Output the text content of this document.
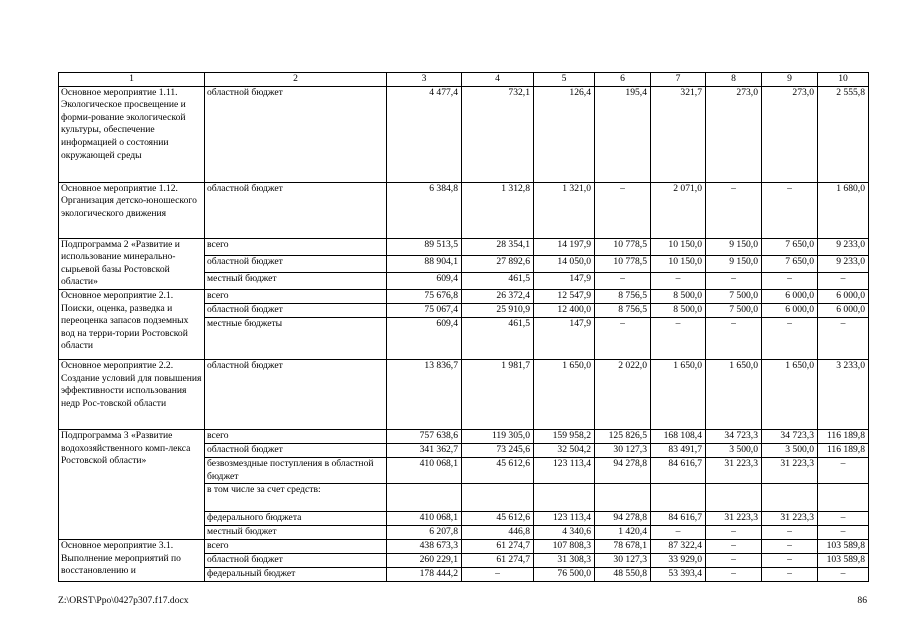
1	2	3	4	5	6	7	8	9	10
Основное мероприятие 1.11. Экологическое просвещение и форми-рование экологической культуры, обеспечение информацией о состоянии окружающей среды	областной бюджет	4 477,4	732,1	126,4	195,4	321,7	273,0	273,0	2 555,8
Основное мероприятие 1.12. Организация детско-юношеского экологического движения	областной бюджет	6 384,8	1 312,8	1 321,0	–	2 071,0	–	–	1 680,0
Подпрограмма 2 «Развитие и использование минерально-сырьевой базы Ростовской области»	всего	89 513,5	28 354,1	14 197,9	10 778,5	10 150,0	9 150,0	7 650,0	9 233,0
	областной бюджет	88 904,1	27 892,6	14 050,0	10 778,5	10 150,0	9 150,0	7 650,0	9 233,0
	местный бюджет	609,4	461,5	147,9	–	–	–	–	–
Основное мероприятие 2.1. Поиски, оценка, разведка и переоценка запасов подземных вод на терри-тории Ростовской области	всего	75 676,8	26 372,4	12 547,9	8 756,5	8 500,0	7 500,0	6 000,0	6 000,0
	областной бюджет	75 067,4	25 910,9	12 400,0	8 756,5	8 500,0	7 500,0	6 000,0	6 000,0
	местные бюджеты	609,4	461,5	147,9	–	–	–	–	–
Основное мероприятие 2.2. Создание условий для повышения эффективности использования недр Рос-товской области	областной бюджет	13 836,7	1 981,7	1 650,0	2 022,0	1 650,0	1 650,0	1 650,0	3 233,0
Подпрограмма 3 «Развитие водохозяйственного комп-лекса Ростовской области»	всего	757 638,6	119 305,0	159 958,2	125 826,5	168 108,4	34 723,3	34 723,3	116 189,8
	областной бюджет	341 362,7	73 245,6	32 504,2	30 127,3	83 491,7	3 500,0	3 500,0	116 189,8
	безвозмездные поступления в областной бюджет	410 068,1	45 612,6	123 113,4	94 278,8	84 616,7	31 223,3	31 223,3	–
	в том числе за счет средств:								
	федерального бюджета	410 068,1	45 612,6	123 113,4	94 278,8	84 616,7	31 223,3	31 223,3	–
	местный бюджет	6 207,8	446,8	4 340,6	1 420,4	–	–	–	–
Основное мероприятие 3.1. Выполнение мероприятий по восстановлению и	всего	438 673,3	61 274,7	107 808,3	78 678,1	87 322,4	–	–	103 589,8
	областной бюджет	260 229,1	61 274,7	31 308,3	30 127,3	33 929,0	–	–	103 589,8
	федеральный бюджет	178 444,2	–	76 500,0	48 550,8	53 393,4	–	–	–
Z:\ORST\Ppo\0427p307.f17.docx	86
